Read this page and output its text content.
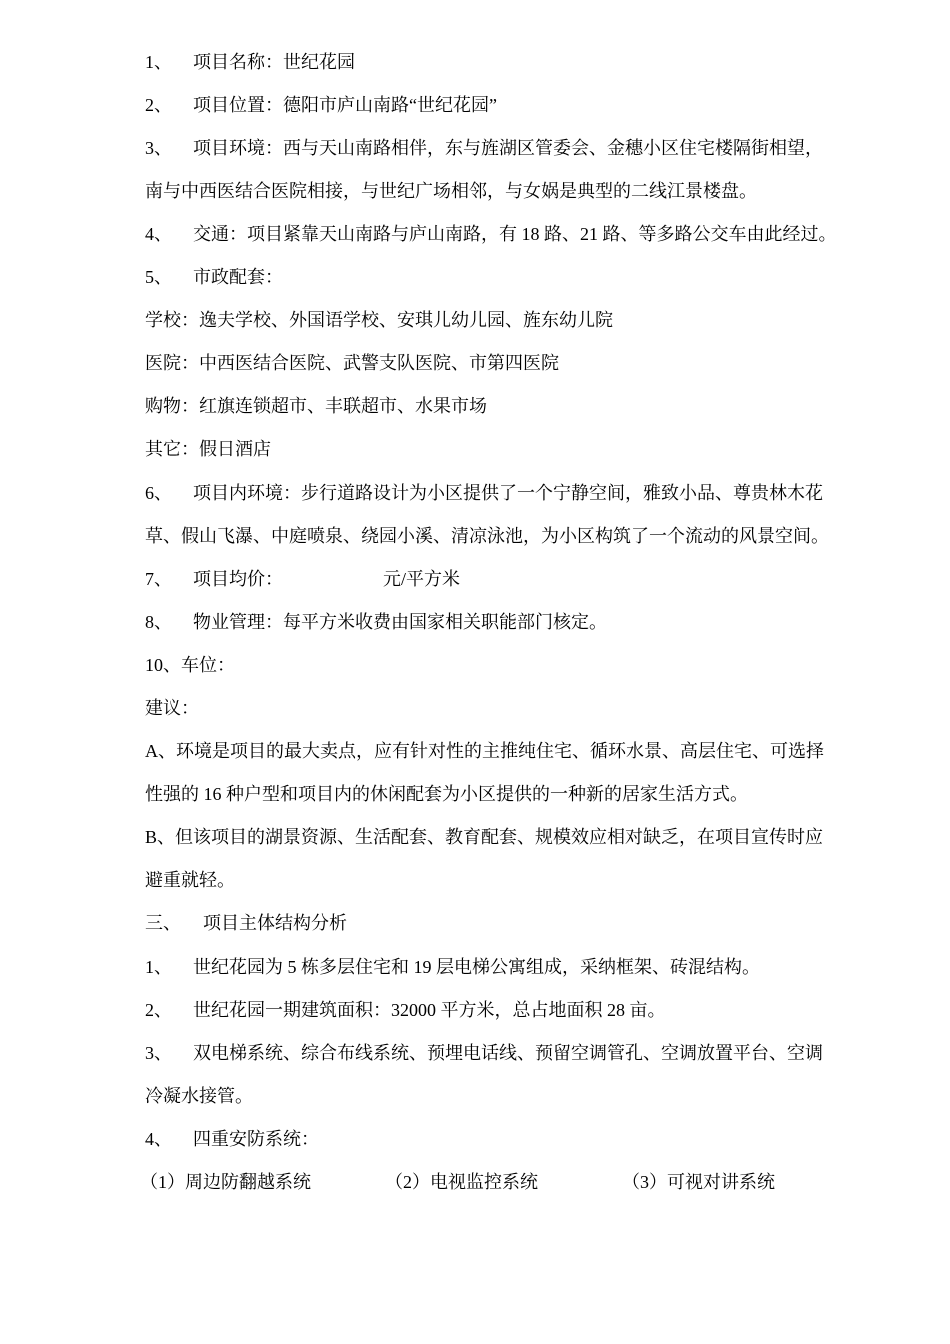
1、 项目名称：世纪花园
2、 项目位置：德阳市庐山南路“世纪花园”
3、 项目环境：西与天山南路相伴，东与旌湖区管委会、金穗小区住宅楼隔街相望，
南与中西医结合医院相接，与世纪广场相邻，与女娲是典型的二线江景楼盘。
4、 交通：项目紧靠天山南路与庐山南路，有 18 路、21 路、等多路公交车由此经过。
5、 市政配套：
学校：逸夫学校、外国语学校、安琪儿幼儿园、旌东幼儿院
医院：中西医结合医院、武警支队医院、市第四医院
购物：红旗连锁超市、丰联超市、水果市场
其它：假日酒店
6、 项目内环境：步行道路设计为小区提供了一个宁静空间，雅致小品、尊贵林木花
草、假山飞瀑、中庭喷泉、绕园小溪、清凉泳池，为小区构筑了一个流动的风景空间。
7、 项目均价：	元/平方米
8、 物业管理：每平方米收费由国家相关职能部门核定。
10、车位：
建议：
A、环境是项目的最大卖点，应有针对性的主推纯住宅、循环水景、高层住宅、可选择
性强的 16 种户型和项目内的休闲配套为小区提供的一种新的居家生活方式。
B、但该项目的湖景资源、生活配套、教育配套、规模效应相对缺乏，在项目宣传时应
避重就轻。
三、 项目主体结构分析
1、 世纪花园为 5 栋多层住宅和 19 层电梯公寓组成，采纳框架、砖混结构。
2、 世纪花园一期建筑面积：32000 平方米，总占地面积 28 亩。
3、 双电梯系统、综合布线系统、预埋电话线、预留空调管孔、空调放置平台、空调
冷凝水接管。
4、 四重安防系统：
（1）周边防翻越系统	（2）电视监控系统	（3）可视对讲系统
